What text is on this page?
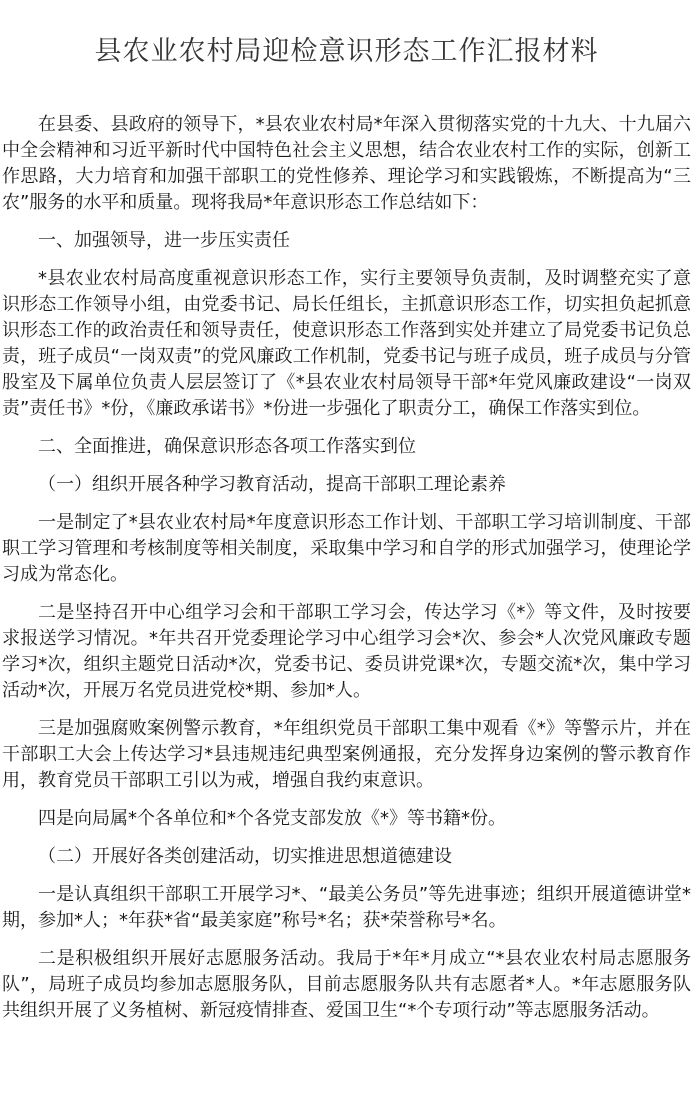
县农业农村局迎检意识形态工作汇报材料

在县委、县政府的领导下，*县农业农村局*年深入贯彻落实党的十九大、十九届六中全会精神和习近平新时代中国特色社会主义思想，结合农业农村工作的实际，创新工作思路，大力培育和加强干部职工的党性修养、理论学习和实践锻炼，不断提高为“三农”服务的水平和质量。现将我局*年意识形态工作总结如下：

一、加强领导，进一步压实责任

*县农业农村局高度重视意识形态工作，实行主要领导负责制，及时调整充实了意识形态工作领导小组，由党委书记、局长任组长，主抓意识形态工作，切实担负起抓意识形态工作的政治责任和领导责任，使意识形态工作落到实处并建立了局党委书记负总责，班子成员“一岗双责”的党风廉政工作机制，党委书记与班子成员，班子成员与分管股室及下属单位负责人层层签订了《*县农业农村局领导干部*年党风廉政建设“一岗双责”责任书》*份，《廉政承诺书》*份进一步强化了职责分工，确保工作落实到位。

二、全面推进，确保意识形态各项工作落实到位

（一）组织开展各种学习教育活动，提高干部职工理论素养

一是制定了*县农业农村局*年度意识形态工作计划、干部职工学习培训制度、干部职工学习管理和考核制度等相关制度，采取集中学习和自学的形式加强学习，使理论学习成为常态化。

二是坚持召开中心组学习会和干部职工学习会，传达学习《*》等文件，及时按要求报送学习情况。*年共召开党委理论学习中心组学习会*次、参会*人次党风廉政专题学习*次，组织主题党日活动*次，党委书记、委员讲党课*次，专题交流*次，集中学习活动*次，开展万名党员进党校*期、参加*人。

三是加强腐败案例警示教育，*年组织党员干部职工集中观看《*》等警示片，并在干部职工大会上传达学习*县违规违纪典型案例通报，充分发挥身边案例的警示教育作用，教育党员干部职工引以为戒，增强自我约束意识。

四是向局属*个各单位和*个各党支部发放《*》等书籍*份。

（二）开展好各类创建活动，切实推进思想道德建设

一是认真组织干部职工开展学习*、“最美公务员”等先进事迹；组织开展道德讲堂*期，参加*人；*年获*省“最美家庭”称号*名；获*荣誉称号*名。

二是积极组织开展好志愿服务活动。我局于*年*月成立“*县农业农村局志愿服务队”，局班子成员均参加志愿服务队，目前志愿服务队共有志愿者*人。*年志愿服务队共组织开展了义务植树、新冠疫情排查、爱国卫生“*个专项行动”等志愿服务活动。
